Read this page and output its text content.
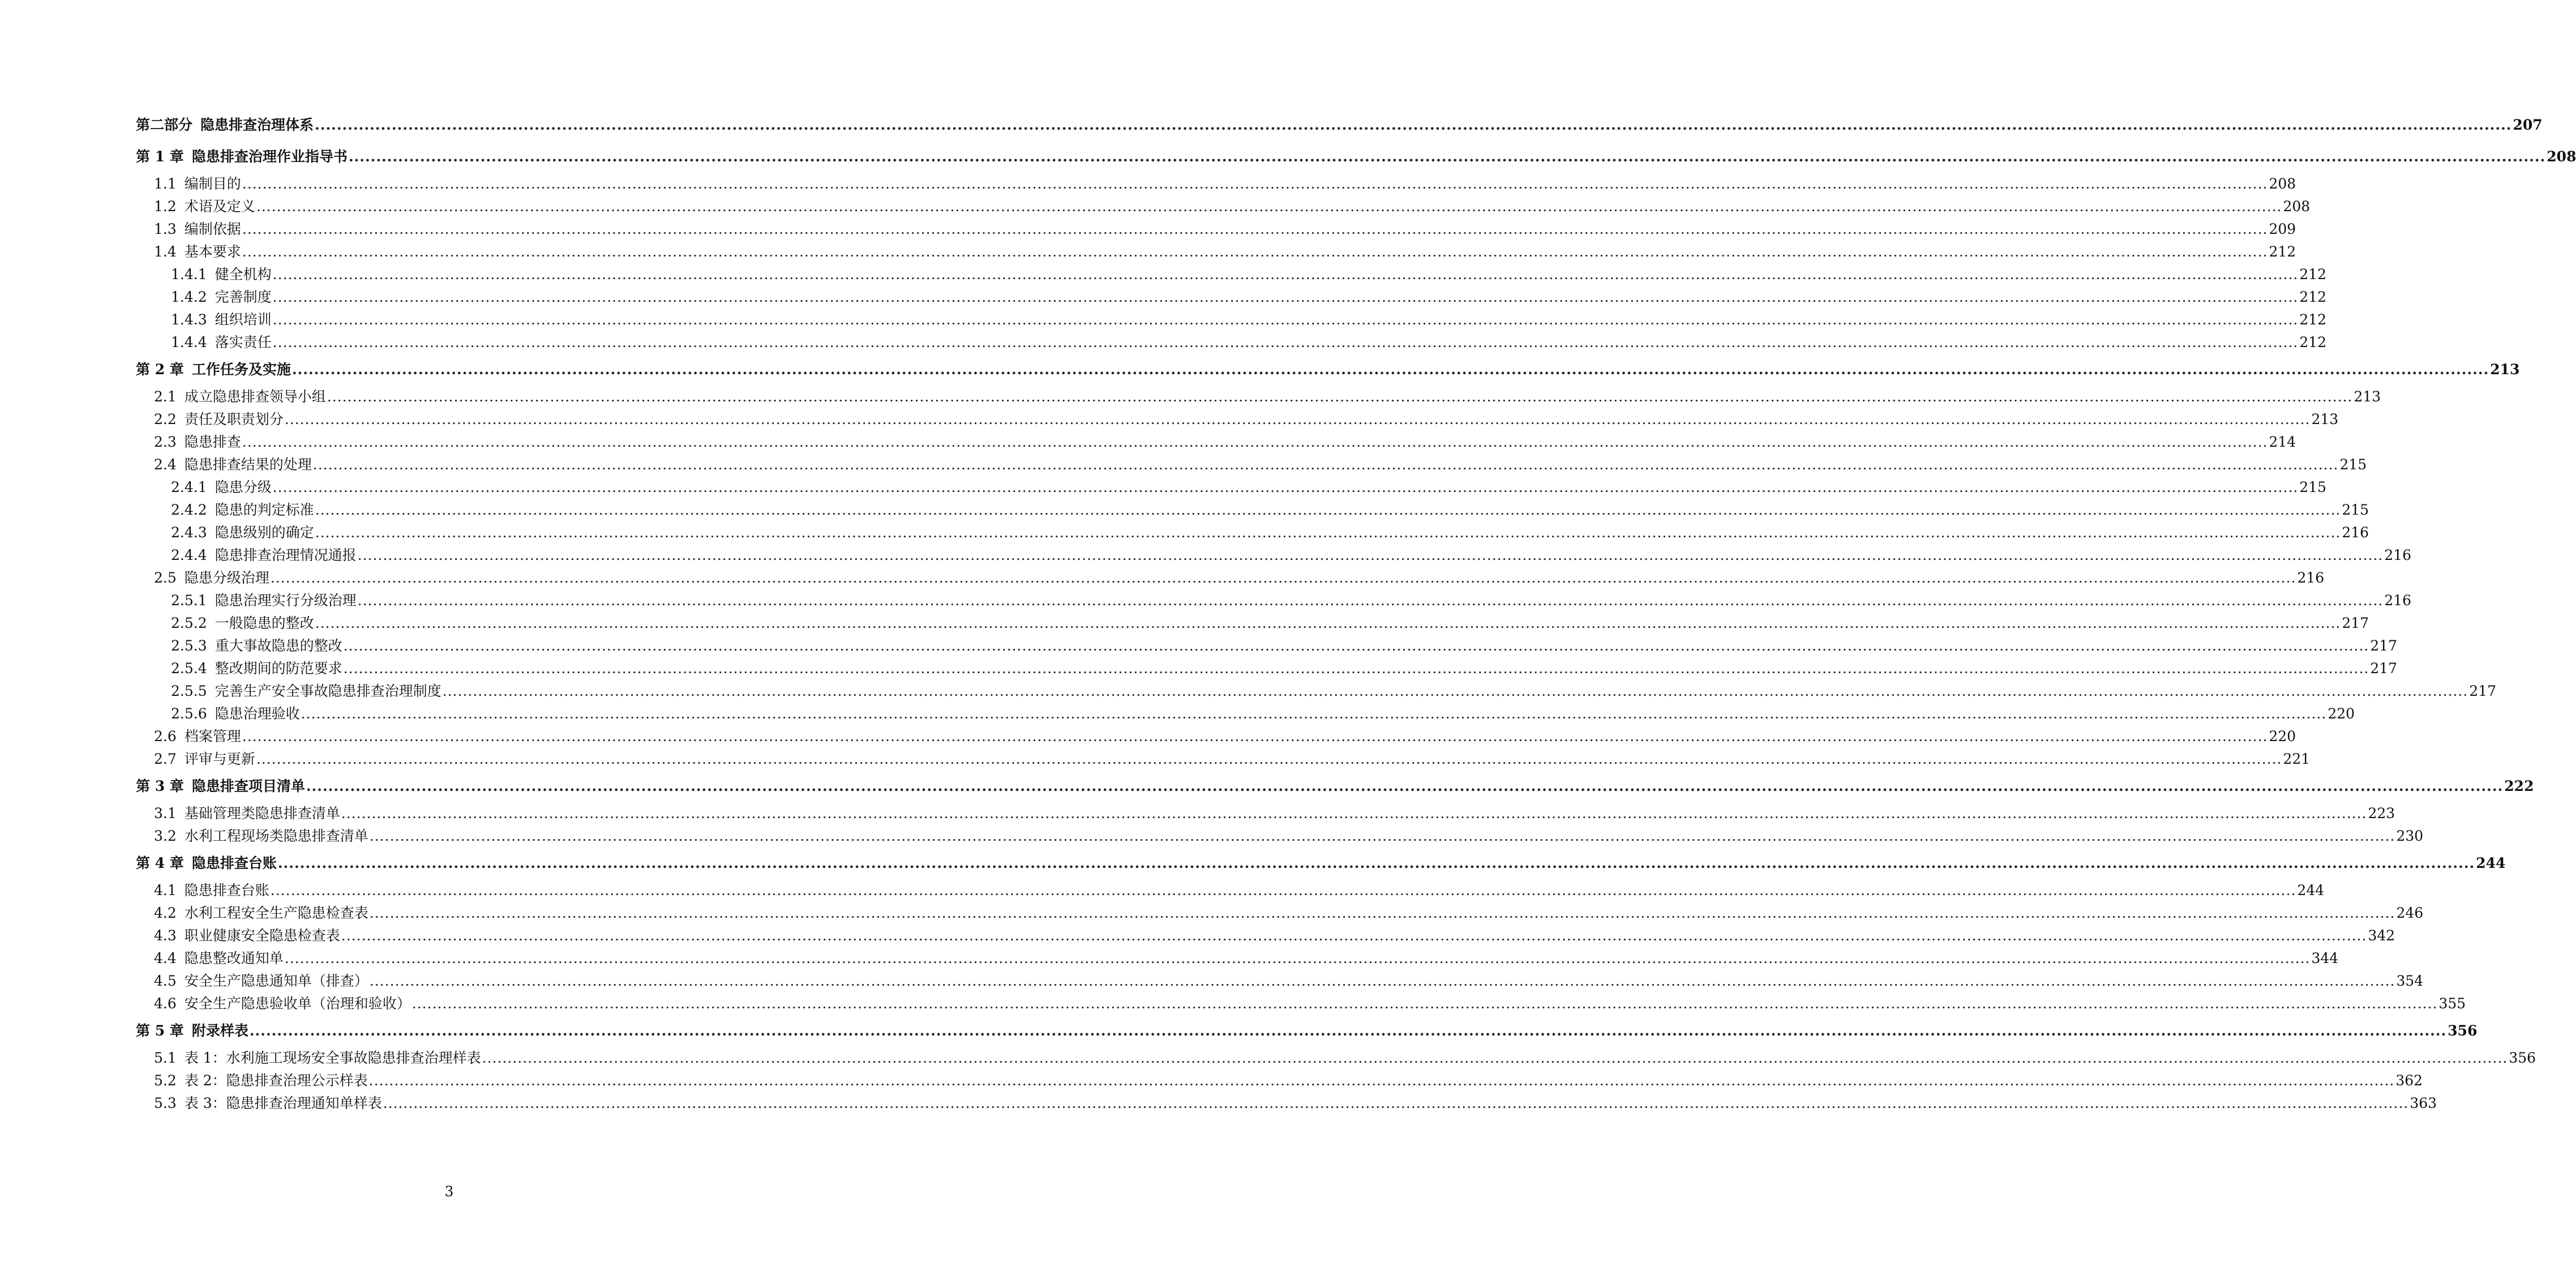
第二部分 隐患排查治理体系 ................................................................................................................................................................................................................................................................................................................................................................................................................ 207
第 1 章 隐患排查治理作业指导书 ................................................................................................................................................................................................................................................................................................................................................................................................................ 208
1.1 编制目的 ................................................................................................................................................................................................................................................................................................................................................................................................................ 208
1.2 术语及定义 ................................................................................................................................................................................................................................................................................................................................................................................................................ 208
1.3 编制依据 ................................................................................................................................................................................................................................................................................................................................................................................................................ 209
1.4 基本要求 ................................................................................................................................................................................................................................................................................................................................................................................................................ 212
1.4.1 健全机构 ................................................................................................................................................................................................................................................................................................................................................................................................................ 212
1.4.2 完善制度 ................................................................................................................................................................................................................................................................................................................................................................................................................ 212
1.4.3 组织培训 ................................................................................................................................................................................................................................................................................................................................................................................................................ 212
1.4.4 落实责任 ................................................................................................................................................................................................................................................................................................................................................................................................................ 212
第 2 章 工作任务及实施 ................................................................................................................................................................................................................................................................................................................................................................................................................ 213
2.1 成立隐患排查领导小组 ................................................................................................................................................................................................................................................................................................................................................................................................................ 213
2.2 责任及职责划分 ................................................................................................................................................................................................................................................................................................................................................................................................................ 213
2.3 隐患排查 ................................................................................................................................................................................................................................................................................................................................................................................................................ 214
2.4 隐患排查结果的处理 ................................................................................................................................................................................................................................................................................................................................................................................................................ 215
2.4.1 隐患分级 ................................................................................................................................................................................................................................................................................................................................................................................................................ 215
2.4.2 隐患的判定标准 ................................................................................................................................................................................................................................................................................................................................................................................................................ 215
2.4.3 隐患级别的确定 ................................................................................................................................................................................................................................................................................................................................................................................................................ 216
2.4.4 隐患排查治理情况通报 ................................................................................................................................................................................................................................................................................................................................................................................................................ 216
2.5 隐患分级治理 ................................................................................................................................................................................................................................................................................................................................................................................................................ 216
2.5.1 隐患治理实行分级治理 ................................................................................................................................................................................................................................................................................................................................................................................................................ 216
2.5.2 一般隐患的整改 ................................................................................................................................................................................................................................................................................................................................................................................................................ 217
2.5.3 重大事故隐患的整改 ................................................................................................................................................................................................................................................................................................................................................................................................................ 217
2.5.4 整改期间的防范要求 ................................................................................................................................................................................................................................................................................................................................................................................................................ 217
2.5.5 完善生产安全事故隐患排查治理制度 ................................................................................................................................................................................................................................................................................................................................................................................................................ 217
2.5.6 隐患治理验收 ................................................................................................................................................................................................................................................................................................................................................................................................................ 220
2.6 档案管理 ................................................................................................................................................................................................................................................................................................................................................................................................................ 220
2.7 评审与更新 ................................................................................................................................................................................................................................................................................................................................................................................................................ 221
第 3 章 隐患排查项目清单 ................................................................................................................................................................................................................................................................................................................................................................................................................ 222
3.1 基础管理类隐患排查清单 ................................................................................................................................................................................................................................................................................................................................................................................................................ 223
3.2 水利工程现场类隐患排查清单 ................................................................................................................................................................................................................................................................................................................................................................................................................ 230
第 4 章 隐患排查台账 ................................................................................................................................................................................................................................................................................................................................................................................................................ 244
4.1 隐患排查台账 ................................................................................................................................................................................................................................................................................................................................................................................................................ 244
4.2 水利工程安全生产隐患检查表 ................................................................................................................................................................................................................................................................................................................................................................................................................ 246
4.3 职业健康安全隐患检查表 ................................................................................................................................................................................................................................................................................................................................................................................................................ 342
4.4 隐患整改通知单 ................................................................................................................................................................................................................................................................................................................................................................................................................ 344
4.5 安全生产隐患通知单（排查） ................................................................................................................................................................................................................................................................................................................................................................................................................ 354
4.6 安全生产隐患验收单（治理和验收） ................................................................................................................................................................................................................................................................................................................................................................................................................ 355
第 5 章 附录样表 ................................................................................................................................................................................................................................................................................................................................................................................................................ 356
5.1 表 1：水利施工现场安全事故隐患排查治理样表 ................................................................................................................................................................................................................................................................................................................................................................................................................ 356
5.2 表 2：隐患排查治理公示样表 ................................................................................................................................................................................................................................................................................................................................................................................................................ 362
5.3 表 3：隐患排查治理通知单样表 ................................................................................................................................................................................................................................................................................................................................................................................................................ 363
3
